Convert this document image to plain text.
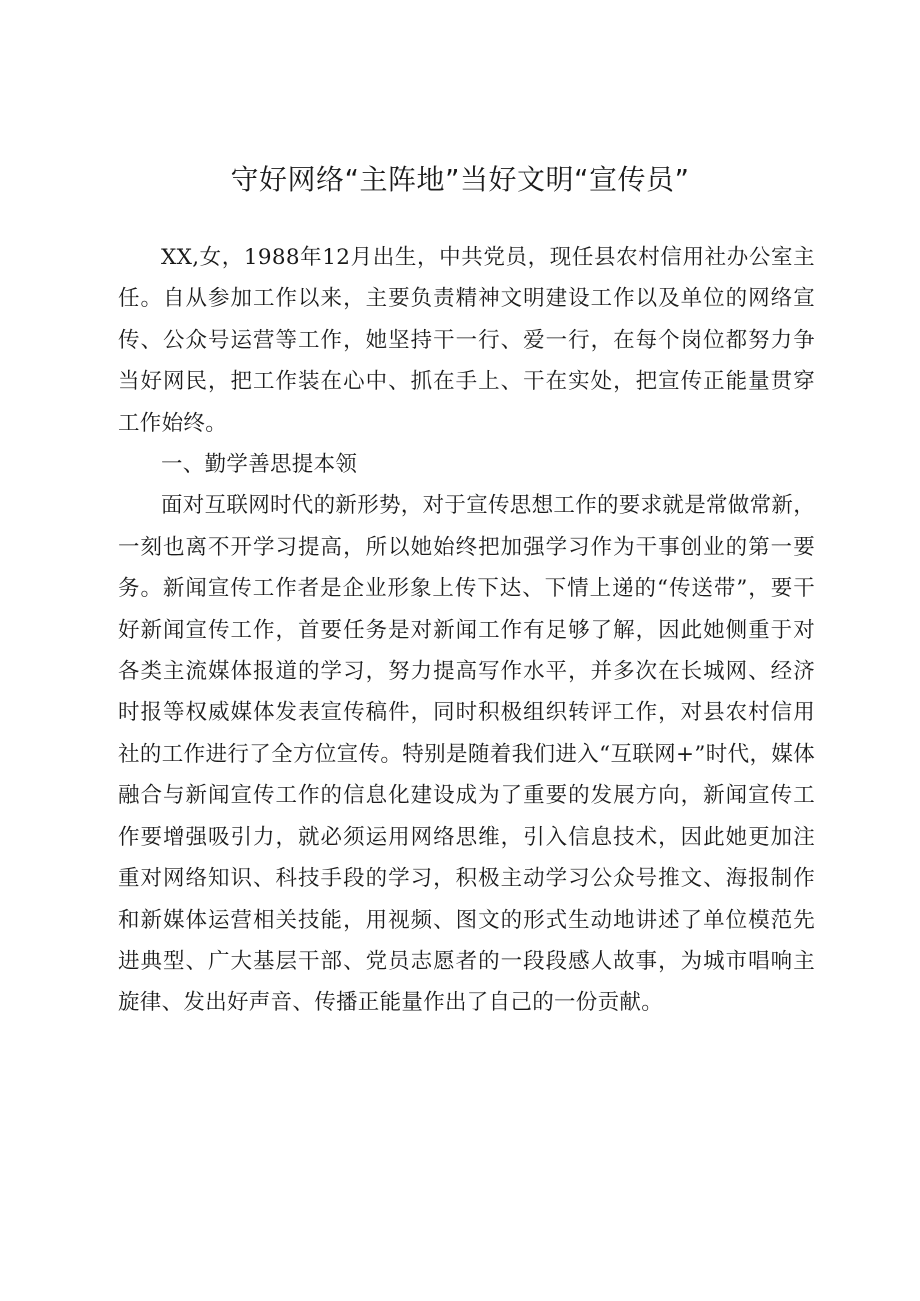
守好网络“主阵地”当好文明“宣传员”

XX,女，1988年12月出生，中共党员，现任县农村信用社办公室主任。自从参加工作以来，主要负责精神文明建设工作以及单位的网络宣传、公众号运营等工作，她坚持干一行、爱一行，在每个岗位都努力争当好网民，把工作装在心中、抓在手上、干在实处，把宣传正能量贯穿工作始终。

一、勤学善思提本领

面对互联网时代的新形势，对于宣传思想工作的要求就是常做常新，一刻也离不开学习提高，所以她始终把加强学习作为干事创业的第一要务。新闻宣传工作者是企业形象上传下达、下情上递的“传送带”，要干好新闻宣传工作，首要任务是对新闻工作有足够了解，因此她侧重于对各类主流媒体报道的学习，努力提高写作水平，并多次在长城网、经济时报等权威媒体发表宣传稿件，同时积极组织转评工作，对县农村信用社的工作进行了全方位宣传。特别是随着我们进入“互联网+”时代，媒体融合与新闻宣传工作的信息化建设成为了重要的发展方向，新闻宣传工作要增强吸引力，就必须运用网络思维，引入信息技术，因此她更加注重对网络知识、科技手段的学习，积极主动学习公众号推文、海报制作和新媒体运营相关技能，用视频、图文的形式生动地讲述了单位模范先进典型、广大基层干部、党员志愿者的一段段感人故事，为城市唱响主旋律、发出好声音、传播正能量作出了自己的一份贡献。
